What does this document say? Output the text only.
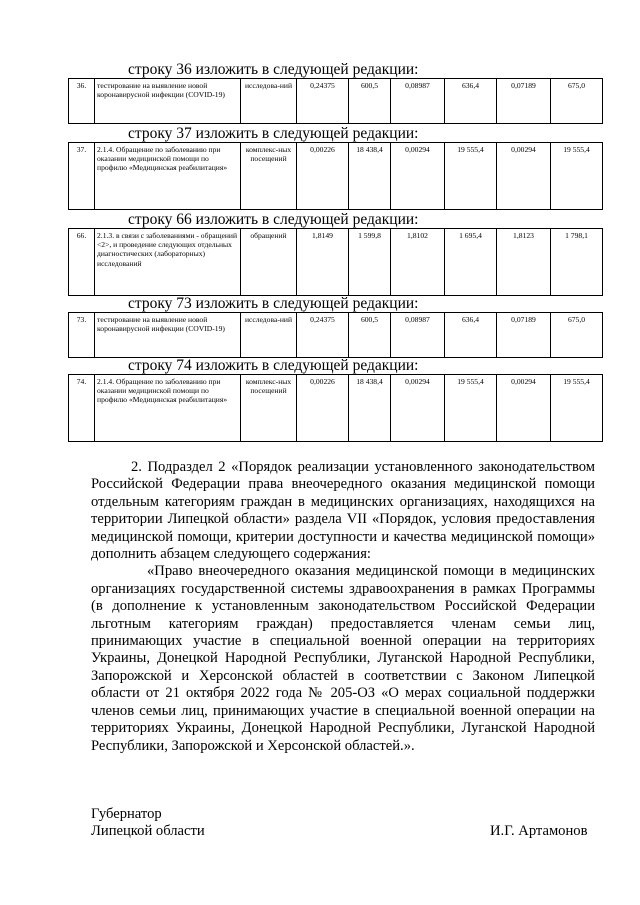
строку 36 изложить в следующей редакции:
36.	тестирование на выявление новой коронавирусной инфекции (COVID-19)	исследова-ний	0,24375	600,5	0,08987	636,4	0,07189	675,0
строку 37 изложить в следующей редакции:
37.	2.1.4. Обращение по заболеванию при оказании медицинской помощи по профилю «Медицинская реабилитация»	комплекс-ных посещений	0,00226	18 438,4	0,00294	19 555,4	0,00294	19 555,4
строку 66 изложить в следующей редакции:
66.	2.1.3. в связи с заболеваниями - обращений <2>, и проведение следующих отдельных диагностических (лабораторных) исследований	обращений	1,8149	1 599,8	1,8102	1 695,4	1,8123	1 798,1
строку 73 изложить в следующей редакции:
73.	тестирование на выявление новой коронавирусной инфекции (COVID-19)	исследова-ний	0,24375	600,5	0,08987	636,4	0,07189	675,0
строку 74 изложить в следующей редакции:
74.	2.1.4. Обращение по заболеванию при оказании медицинской помощи по профилю «Медицинская реабилитация»	комплекс-ных посещений	0,00226	18 438,4	0,00294	19 555,4	0,00294	19 555,4

2. Подраздел 2 «Порядок реализации установленного законодательством Российской Федерации права внеочередного оказания медицинской помощи отдельным категориям граждан в медицинских организациях, находящихся на территории Липецкой области» раздела VII «Порядок, условия предоставления медицинской помощи, критерии доступности и качества медицинской помощи» дополнить абзацем следующего содержания:

«Право внеочередного оказания медицинской помощи в медицинских организациях государственной системы здравоохранения в рамках Программы (в дополнение к установленным законодательством Российской Федерации льготным категориям граждан) предоставляется членам семьи лиц, принимающих участие в специальной военной операции на территориях Украины, Донецкой Народной Республики, Луганской Народной Республики, Запорожской и Херсонской областей в соответствии с Законом Липецкой области от 21 октября 2022 года № 205-ОЗ «О мерах социальной поддержки членов семьи лиц, принимающих участие в специальной военной операции на территориях Украины, Донецкой Народной Республики, Луганской Народной Республики, Запорожской и Херсонской областей.».

Губернатор
Липецкой области	И.Г. Артамонов
